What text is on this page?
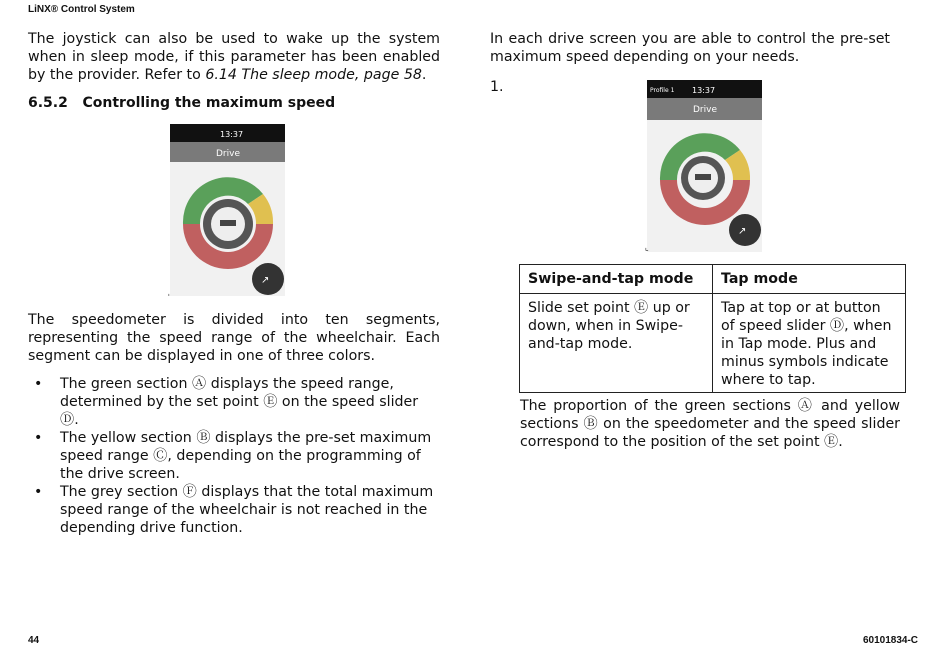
LiNX® Control System
The joystick can also be used to wake up the system when in sleep mode, if this parameter has been enabled by the provider. Refer to 6.14 The sleep mode, page 58.
6.5.2 Controlling the maximum speed
13:37
Drive
↗
⌞
The speedometer is divided into ten segments, representing the speed range of the wheelchair. Each segment can be displayed in one of three colors.
• The green section Ⓐ displays the speed range, determined by the set point Ⓔ on the speed slider Ⓓ.
• The yellow section Ⓑ displays the pre-set maximum speed range Ⓒ, depending on the programming of the drive screen.
• The grey section Ⓕ displays that the total maximum speed range of the wheelchair is not reached in the depending drive function.
In each drive screen you are able to control the pre-set maximum speed depending on your needs.
1.	Profile 1 13:37
Drive
↗
⌞
Swipe-and-tap mode	Tap mode
Slide set point Ⓔ up or down, when in Swipe-and-tap mode.	Tap at top or at button of speed slider Ⓓ, when in Tap mode. Plus and minus symbols indicate where to tap.
The proportion of the green sections Ⓐ and yellow sections Ⓑ on the speedometer and the speed slider correspond to the position of the set point Ⓔ.
44	60101834-C
